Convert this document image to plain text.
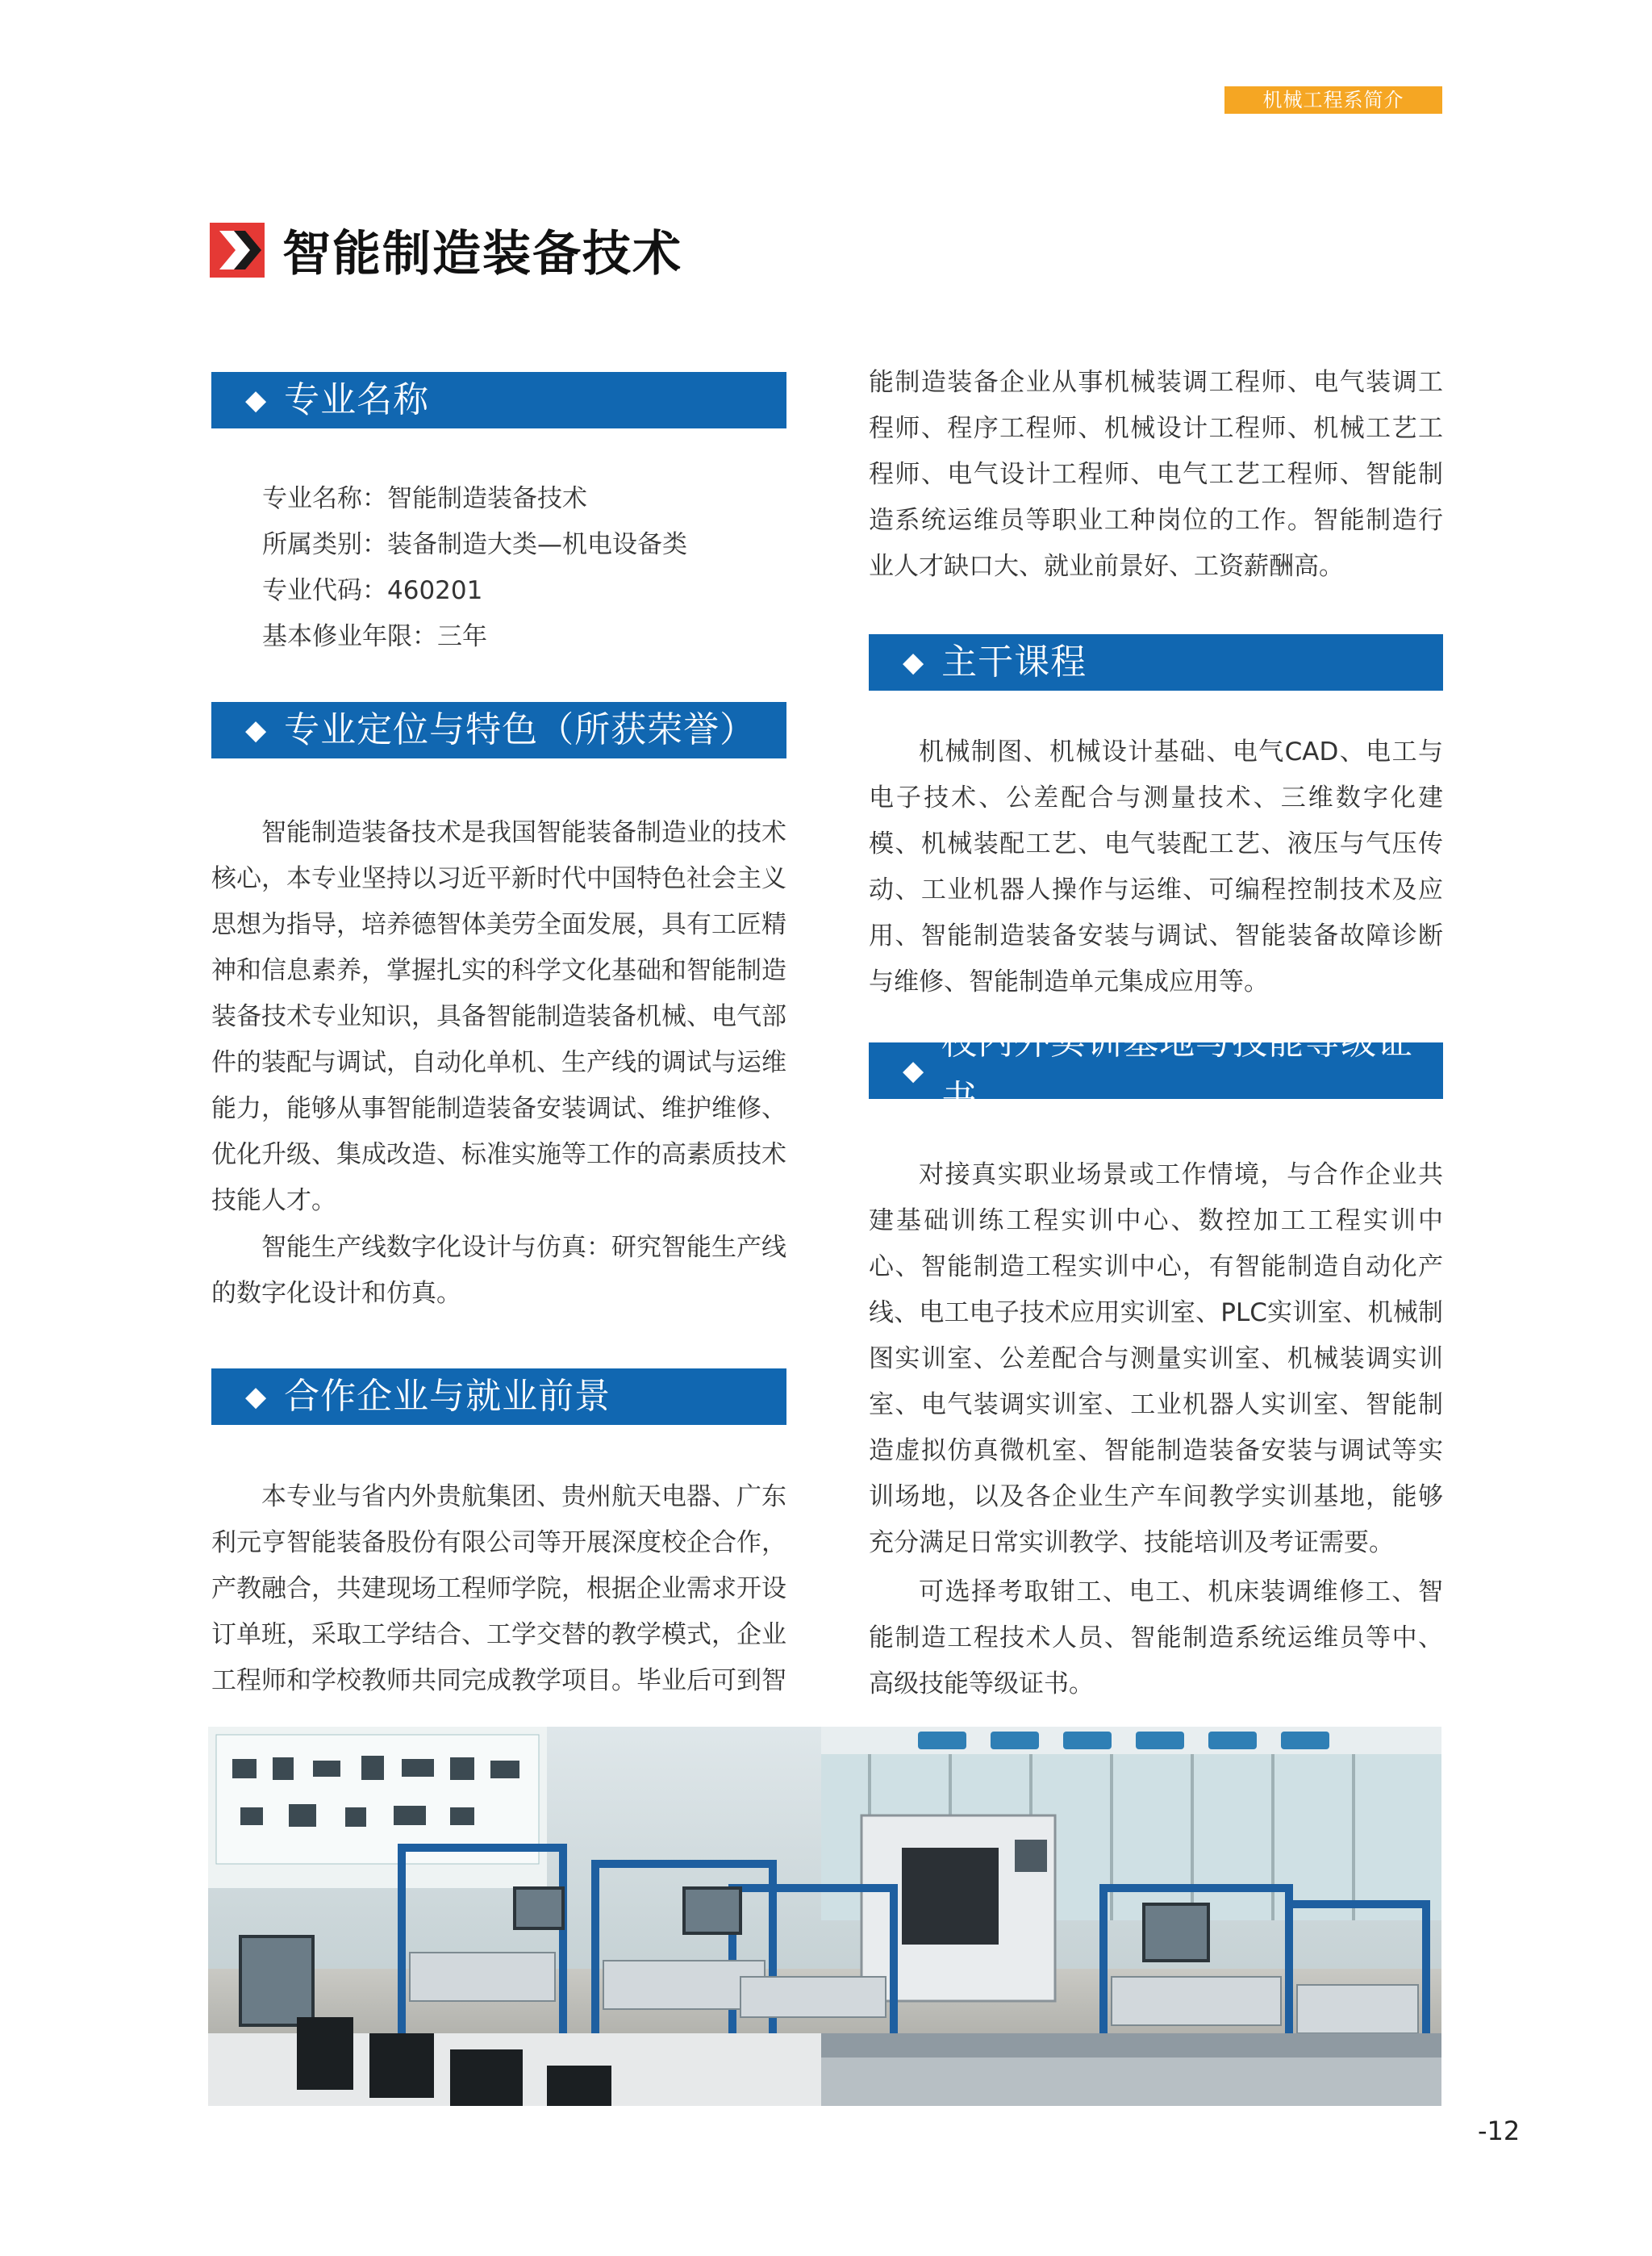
机械工程系简介
智能制造装备技术
◆ 专业名称
专业名称：智能制造装备技术
所属类别：装备制造大类—机电设备类
专业代码：460201
基本修业年限：三年
◆ 专业定位与特色（所获荣誉）

智能制造装备技术是我国智能装备制造业的技术核心，本专业坚持以习近平新时代中国特色社会主义思想为指导，培养德智体美劳全面发展，具有工匠精神和信息素养，掌握扎实的科学文化基础和智能制造装备技术专业知识，具备智能制造装备机械、电气部件的装配与调试，自动化单机、生产线的调试与运维能力，能够从事智能制造装备安装调试、维护维修、优化升级、集成改造、标准实施等工作的高素质技术技能人才。

智能生产线数字化设计与仿真：研究智能生产线的数字化设计和仿真。

◆ 合作企业与就业前景

本专业与省内外贵航集团、贵州航天电器、广东利元亨智能装备股份有限公司等开展深度校企合作，产教融合，共建现场工程师学院，根据企业需求开设订单班，采取工学结合、工学交替的教学模式，企业工程师和学校教师共同完成教学项目。毕业后可到智

能制造装备企业从事机械装调工程师、电气装调工程师、程序工程师、机械设计工程师、机械工艺工程师、电气设计工程师、电气工艺工程师、智能制造系统运维员等职业工种岗位的工作。智能制造行业人才缺口大、就业前景好、工资薪酬高。

◆ 主干课程

机械制图、机械设计基础、电气CAD、电工与电子技术、公差配合与测量技术、三维数字化建模、机械装配工艺、电气装配工艺、液压与气压传动、工业机器人操作与运维、可编程控制技术及应用、智能制造装备安装与调试、智能装备故障诊断与维修、智能制造单元集成应用等。

◆
校内外实训基地与技能等级证书

对接真实职业场景或工作情境，与合作企业共建基础训练工程实训中心、数控加工工程实训中心、智能制造工程实训中心，有智能制造自动化产线、电工电子技术应用实训室、PLC实训室、机械制图实训室、公差配合与测量实训室、机械装调实训室、电气装调实训室、工业机器人实训室、智能制造虚拟仿真微机室、智能制造装备安装与调试等实训场地，以及各企业生产车间教学实训基地，能够充分满足日常实训教学、技能培训及考证需要。

可选择考取钳工、电工、机床装调维修工、智能制造工程技术人员、智能制造系统运维员等中、高级技能等级证书。

-12
